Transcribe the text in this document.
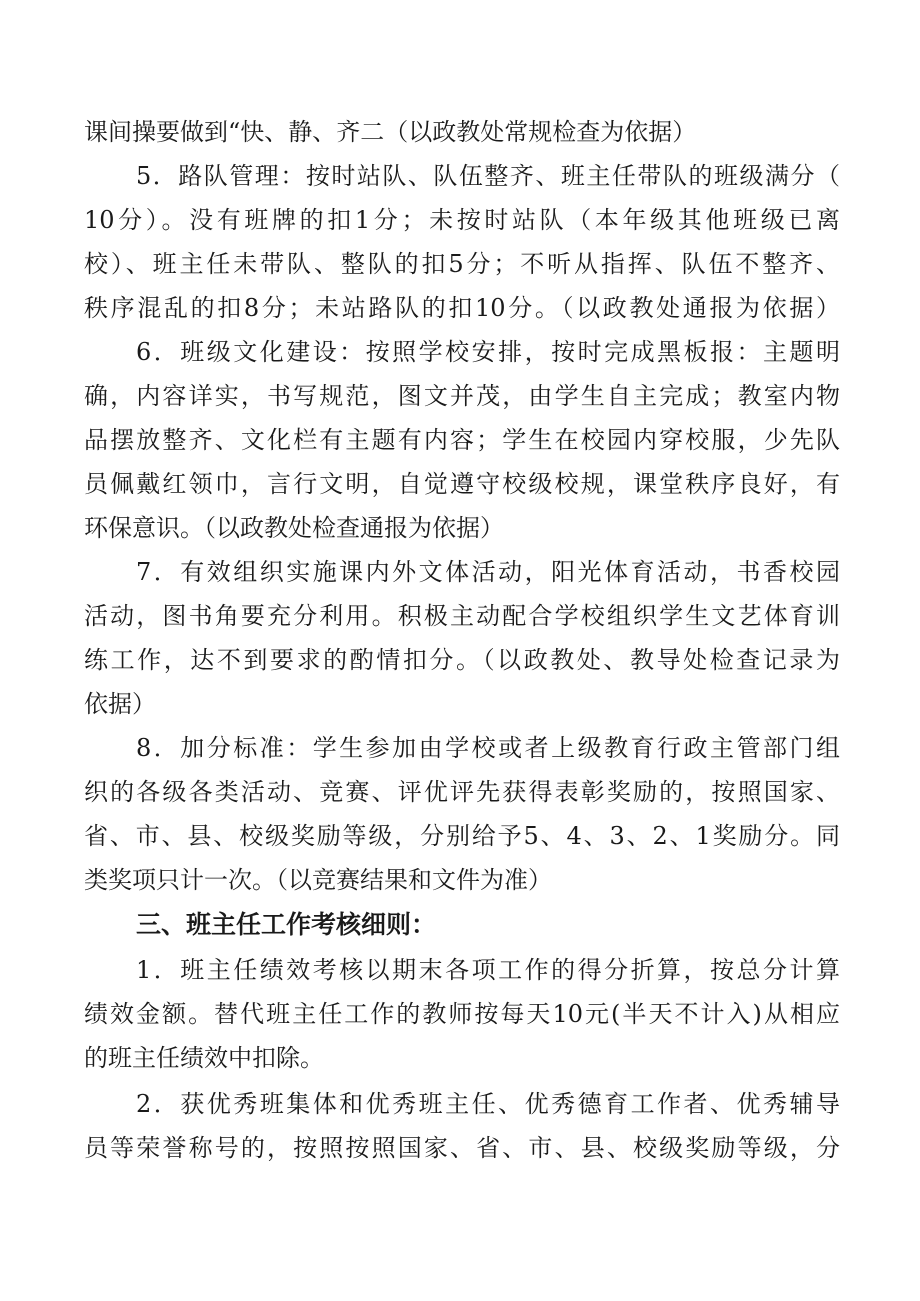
课间操要做到“快、静、齐二（以政教处常规检查为依据）
5．路队管理：按时站队、队伍整齐、班主任带队的班级满分（
10分）。没有班牌的扣1分；未按时站队（本年级其他班级已离
校）、班主任未带队、整队的扣5分；不听从指挥、队伍不整齐、
秩序混乱的扣8分；未站路队的扣10分。（以政教处通报为依据）
6．班级文化建设：按照学校安排，按时完成黑板报：主题明
确，内容详实，书写规范，图文并茂，由学生自主完成；教室内物
品摆放整齐、文化栏有主题有内容；学生在校园内穿校服，少先队
员佩戴红领巾，言行文明，自觉遵守校级校规，课堂秩序良好，有
环保意识。（以政教处检查通报为依据）
7．有效组织实施课内外文体活动，阳光体育活动，书香校园
活动，图书角要充分利用。积极主动配合学校组织学生文艺体育训
练工作，达不到要求的酌情扣分。（以政教处、教导处检查记录为
依据）
8．加分标准：学生参加由学校或者上级教育行政主管部门组
织的各级各类活动、竞赛、评优评先获得表彰奖励的，按照国家、
省、市、县、校级奖励等级，分别给予5、4、3、2、1奖励分。同
类奖项只计一次。（以竞赛结果和文件为准）
三、班主任工作考核细则：
1．班主任绩效考核以期末各项工作的得分折算，按总分计算
绩效金额。替代班主任工作的教师按每天10元(半天不计入)从相应
的班主任绩效中扣除。
2．获优秀班集体和优秀班主任、优秀德育工作者、优秀辅导
员等荣誉称号的，按照按照国家、省、市、县、校级奖励等级，分
